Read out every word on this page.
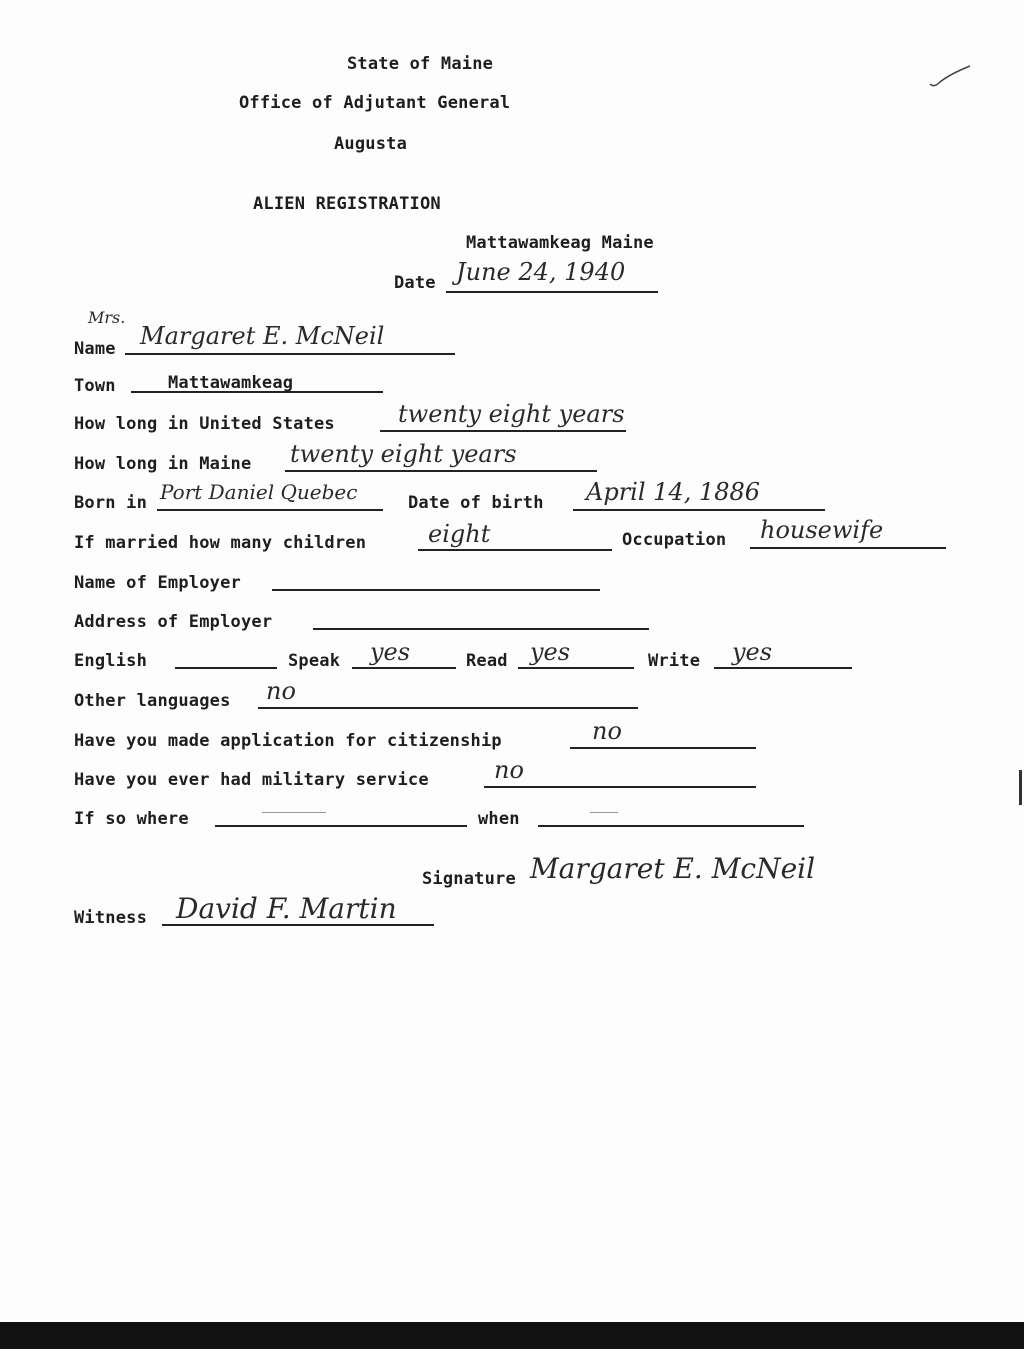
State of Maine
Office of Adjutant General
Augusta
ALIEN REGISTRATION
Mattawamkeag Maine
Date June 24, 1940
Mrs.
Name Margaret E. McNeil
Town	Mattawamkeag
How long in United States	twenty eight years
How long in Maine twenty eight years
Born in Port Daniel Quebec	Date of birth April 14, 1886
If married how many children	eight	Occupation housewife
Name of Employer
Address of Employer
English	Speak yes	Read yes	Write yes
Other languages no
Have you made application for citizenship	no
Have you ever had military service	no
If so where	when
Signature Margaret E. McNeil
Witness David F. Martin
